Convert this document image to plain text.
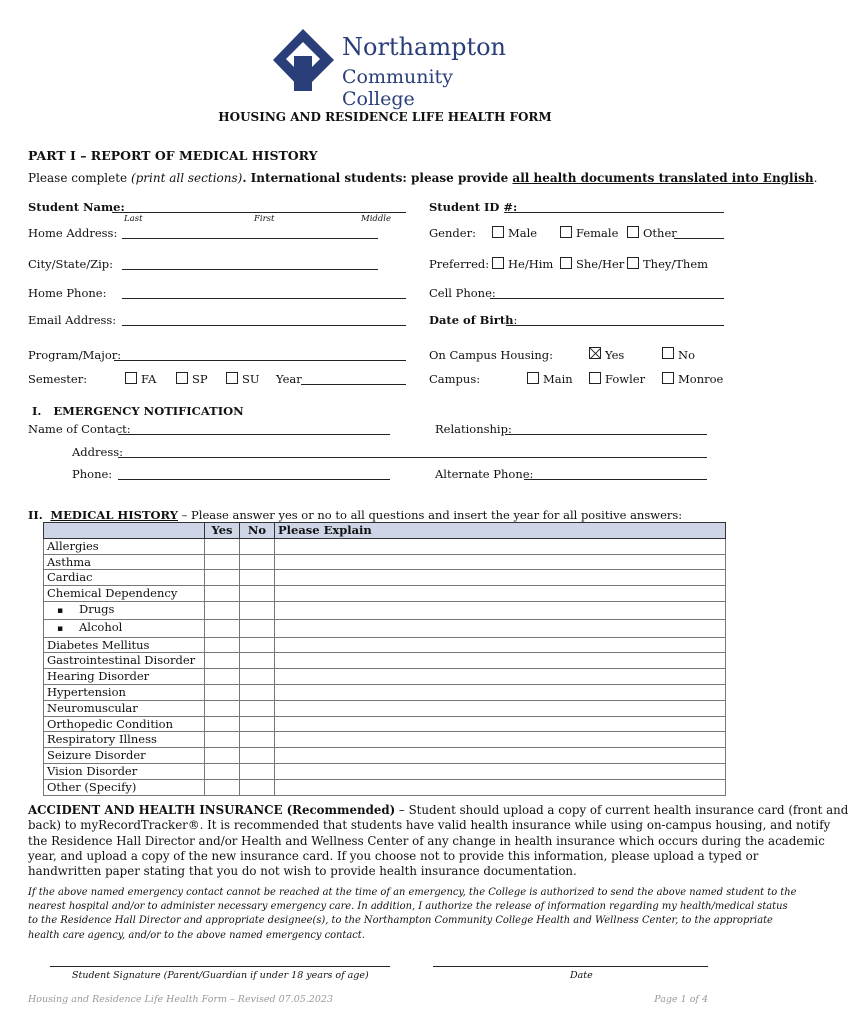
Northampton
Community College
HOUSING AND RESIDENCE LIFE HEALTH FORM
PART I – REPORT OF MEDICAL HISTORY
Please complete (print all sections). International students: please provide all health documents translated into English.
Student Name:
Last	First	Middle
Home Address:
City/State/Zip:
Home Phone:
Email Address:
Program/Major:
Semester:	FA	SP	SU Year
Student ID #:
Gender:	Male	Female Other
Preferred: He/Him She/Her They/Them
Cell Phone:
Date of Birth:
On Campus Housing:	Yes	No
Campus:	Main	Fowler	Monroe
I.   EMERGENCY NOTIFICATION
Name of Contact:	Relationship:
Address:
Phone:	Alternate Phone:
II. MEDICAL HISTORY – Please answer yes or no to all questions and insert the year for all positive answers:
	Yes	No	Please Explain
Allergies			
Asthma			
Cardiac			
Chemical Dependency			
▪ Drugs			
▪ Alcohol			
Diabetes Mellitus			
Gastrointestinal Disorder			
Hearing Disorder			
Hypertension			
Neuromuscular			
Orthopedic Condition			
Respiratory Illness			
Seizure Disorder			
Vision Disorder			
Other (Specify)			
ACCIDENT AND HEALTH INSURANCE (Recommended) – Student should upload a copy of current health insurance card (front and
back) to myRecordTracker®. It is recommended that students have valid health insurance while using on-campus housing, and notify
the Residence Hall Director and/or Health and Wellness Center of any change in health insurance which occurs during the academic
year, and upload a copy of the new insurance card. If you choose not to provide this information, please upload a typed or
handwritten paper stating that you do not wish to provide health insurance documentation.
If the above named emergency contact cannot be reached at the time of an emergency, the College is authorized to send the above named student to the
nearest hospital and/or to administer necessary emergency care. In addition, I authorize the release of information regarding my health/medical status
to the Residence Hall Director and appropriate designee(s), to the Northampton Community College Health and Wellness Center, to the appropriate
health care agency, and/or to the above named emergency contact.
Student Signature (Parent/Guardian if under 18 years of age)	Date
Housing and Residence Life Health Form – Revised 07.05.2023	Page 1 of 4
